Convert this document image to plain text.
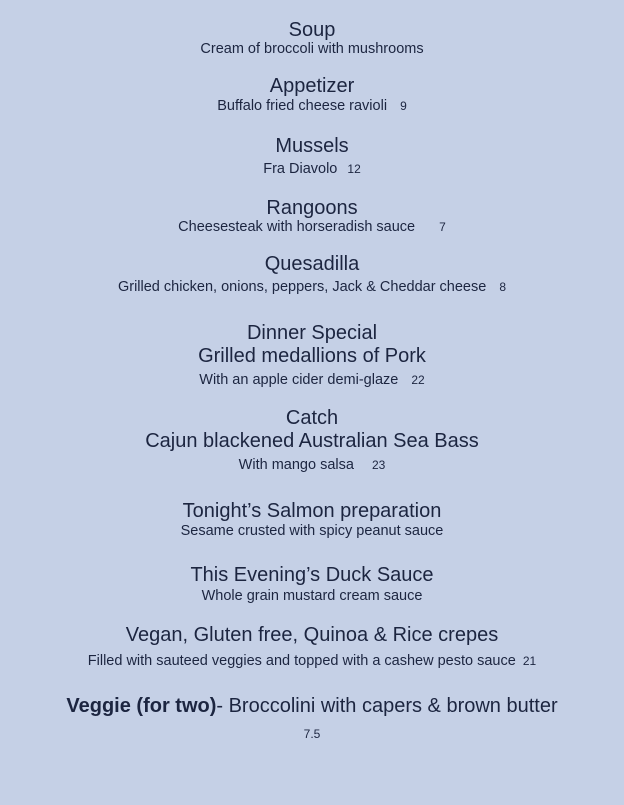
Soup
Cream of broccoli with mushrooms
Appetizer
Buffalo fried cheese ravioli 9
Mussels
Fra Diavolo 12
Rangoons
Cheesesteak with horseradish sauce 7
Quesadilla
Grilled chicken, onions, peppers, Jack & Cheddar cheese 8
Dinner Special
Grilled medallions of Pork
With an apple cider demi-glaze 22
Catch
Cajun blackened Australian Sea Bass
With mango salsa 23
Tonight’s Salmon preparation
Sesame crusted with spicy peanut sauce
This Evening’s Duck Sauce
Whole grain mustard cream sauce
Vegan, Gluten free, Quinoa & Rice crepes
Filled with sauteed veggies and topped with a cashew pesto sauce 21
Veggie (for two)- Broccolini with capers & brown butter
7.5
